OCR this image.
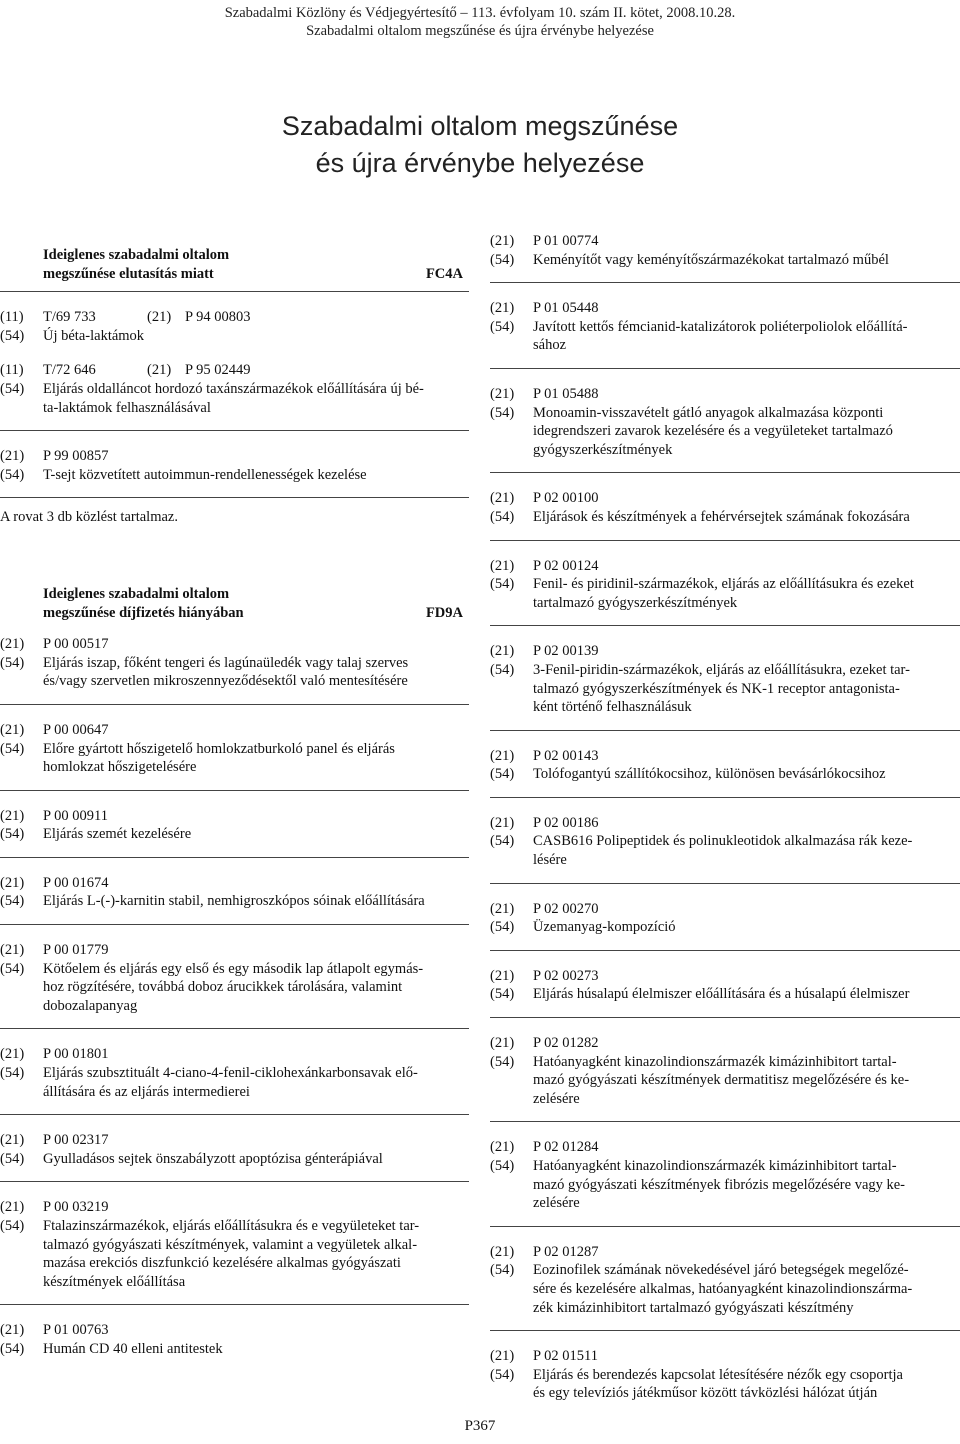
Szabadalmi Közlöny és Védjegyértesítő – 113. évfolyam 10. szám II. kötet, 2008.10.28.
Szabadalmi oltalom megszűnése és újra érvénybe helyezése
Szabadalmi oltalom megszűnése
és újra érvénybe helyezése
Ideiglenes szabadalmi oltalom
megszűnése elutasítás miatt	FC4A
(11) T/69 733	(21) P 94 00803
(54) Új béta-laktámok
(11) T/72 646	(21) P 95 02449
(54) Eljárás oldalláncot hordozó taxánszármazékok előállítására új bé-
ta-laktámok felhasználásával
(21) P 99 00857
(54) T-sejt közvetített autoimmun-rendellenességek kezelése
A rovat 3 db közlést tartalmaz.
Ideiglenes szabadalmi oltalom
megszűnése díjfizetés hiányában	FD9A
(21) P 00 00517
(54) Eljárás iszap, főként tengeri és lagúnaüledék vagy talaj szerves
és/vagy szervetlen mikroszennyeződésektől való mentesítésére
(21) P 00 00647
(54) Előre gyártott hőszigetelő homlokzatburkoló panel és eljárás
homlokzat hőszigetelésére
(21) P 00 00911
(54) Eljárás szemét kezelésére
(21) P 00 01674
(54) Eljárás L-(-)-karnitin stabil, nemhigroszkópos sóinak előállítására
(21) P 00 01779
(54) Kötőelem és eljárás egy első és egy második lap átlapolt egymás-
hoz rögzítésére, továbbá doboz árucikkek tárolására, valamint
dobozalapanyag
(21) P 00 01801
(54) Eljárás szubsztituált 4-ciano-4-fenil-ciklohexánkarbonsavak elő-
állítására és az eljárás intermedierei
(21) P 00 02317
(54) Gyulladásos sejtek önszabályzott apoptózisa génterápiával
(21) P 00 03219
(54) Ftalazinszármazékok, eljárás előállításukra és e vegyületeket tar-
talmazó gyógyászati készítmények, valamint a vegyületek alkal-
mazása erekciós diszfunkció kezelésére alkalmas gyógyászati
készítmények előállítása
(21) P 01 00763
(54) Humán CD 40 elleni antitestek
(21) P 01 00774
(54) Keményítőt vagy keményítőszármazékokat tartalmazó műbél
(21) P 01 05448
(54) Javított kettős fémcianid-katalizátorok poliéterpoliolok előállítá-
sához
(21) P 01 05488
(54) Monoamin-visszavételt gátló anyagok alkalmazása központi
idegrendszeri zavarok kezelésére és a vegyületeket tartalmazó
gyógyszerkészítmények
(21) P 02 00100
(54) Eljárások és készítmények a fehérvérsejtek számának fokozására
(21) P 02 00124
(54) Fenil- és piridinil-származékok, eljárás az előállításukra és ezeket
tartalmazó gyógyszerkészítmények
(21) P 02 00139
(54) 3-Fenil-piridin-származékok, eljárás az előállításukra, ezeket tar-
talmazó gyógyszerkészítmények és NK-1 receptor antagonista-
ként történő felhasználásuk
(21) P 02 00143
(54) Tolófogantyú szállítókocsihoz, különösen bevásárlókocsihoz
(21) P 02 00186
(54) CASB616 Polipeptidek és polinukleotidok alkalmazása rák keze-
lésére
(21) P 02 00270
(54) Üzemanyag-kompozíció
(21) P 02 00273
(54) Eljárás húsalapú élelmiszer előállítására és a húsalapú élelmiszer
(21) P 02 01282
(54) Hatóanyagként kinazolindionszármazék kimázinhibitort tartal-
mazó gyógyászati készítmények dermatitisz megelőzésére és ke-
zelésére
(21) P 02 01284
(54) Hatóanyagként kinazolindionszármazék kimázinhibitort tartal-
mazó gyógyászati készítmények fibrózis megelőzésére vagy ke-
zelésére
(21) P 02 01287
(54) Eozinofilek számának növekedésével járó betegségek megelőzé-
sére és kezelésére alkalmas, hatóanyagként kinazolindionszárma-
zék kimázinhibitort tartalmazó gyógyászati készítmény
(21) P 02 01511
(54) Eljárás és berendezés kapcsolat létesítésére nézők egy csoportja
és egy televíziós játékműsor között távközlési hálózat útján
P367
